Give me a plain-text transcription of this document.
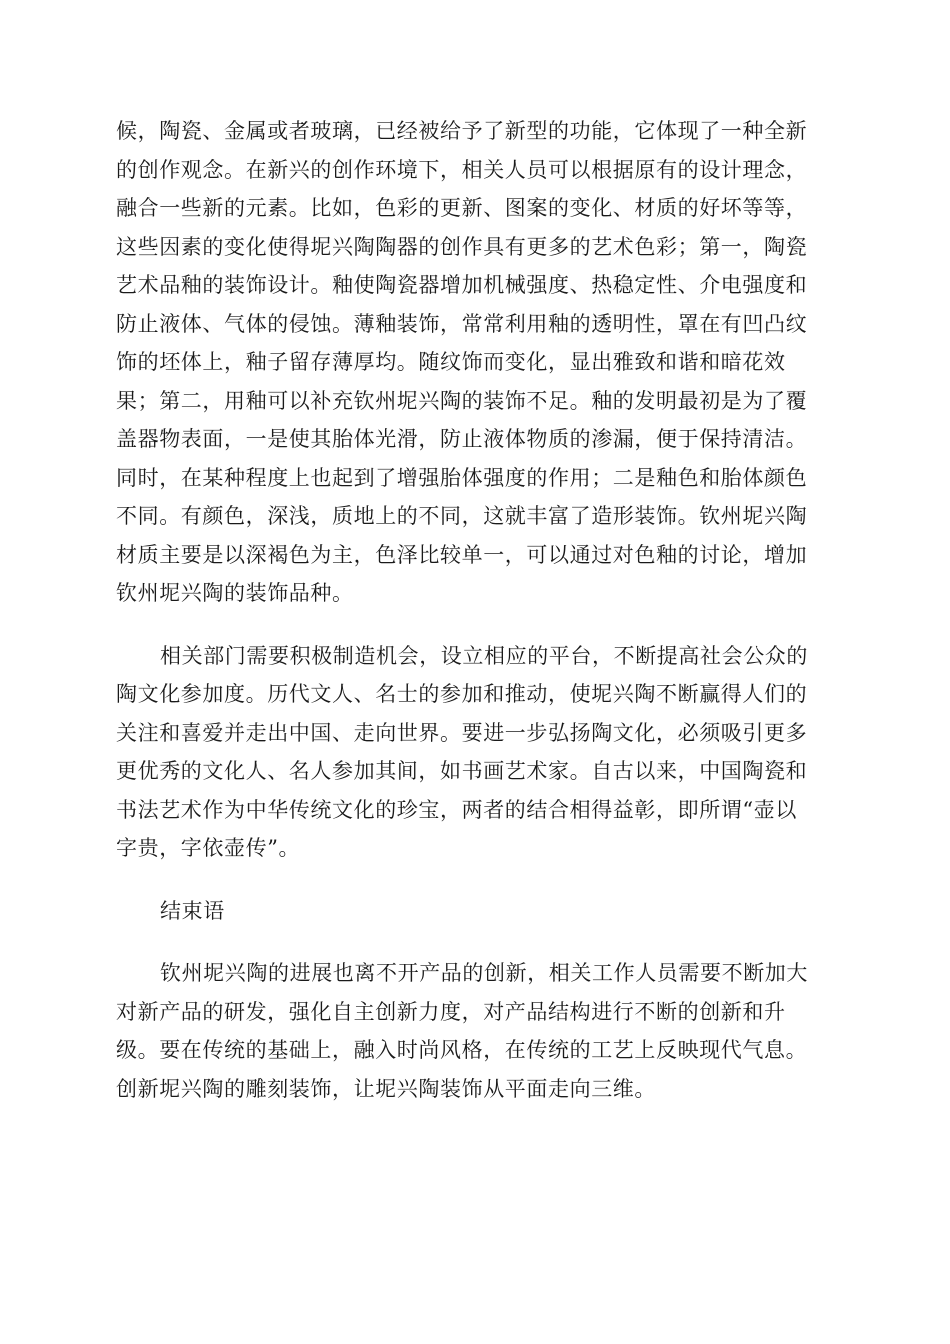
候，陶瓷、金属或者玻璃，已经被给予了新型的功能，它体现了一种全新
的创作观念。在新兴的创作环境下，相关人员可以根据原有的设计理念，
融合一些新的元素。比如，色彩的更新、图案的变化、材质的好坏等等，
这些因素的变化使得坭兴陶陶器的创作具有更多的艺术色彩；第一，陶瓷
艺术品釉的装饰设计。釉使陶瓷器增加机械强度、热稳定性、介电强度和
防止液体、气体的侵蚀。薄釉装饰，常常利用釉的透明性，罩在有凹凸纹
饰的坯体上，釉子留存薄厚均。随纹饰而变化，显出雅致和谐和暗花效
果；第二，用釉可以补充钦州坭兴陶的装饰不足。釉的发明最初是为了覆
盖器物表面，一是使其胎体光滑，防止液体物质的渗漏，便于保持清洁。
同时，在某种程度上也起到了增强胎体强度的作用；二是釉色和胎体颜色
不同。有颜色，深浅，质地上的不同，这就丰富了造形装饰。钦州坭兴陶
材质主要是以深褐色为主，色泽比较单一，可以通过对色釉的讨论，增加
钦州坭兴陶的装饰品种。

相关部门需要积极制造机会，设立相应的平台，不断提高社会公众的
陶文化参加度。历代文人、名士的参加和推动，使坭兴陶不断赢得人们的
关注和喜爱并走出中国、走向世界。要进一步弘扬陶文化，必须吸引更多
更优秀的文化人、名人参加其间，如书画艺术家。自古以来，中国陶瓷和
书法艺术作为中华传统文化的珍宝，两者的结合相得益彰，即所谓“壶以
字贵，字依壶传”。

结束语

钦州坭兴陶的进展也离不开产品的创新，相关工作人员需要不断加大
对新产品的研发，强化自主创新力度，对产品结构进行不断的创新和升
级。要在传统的基础上，融入时尚风格，在传统的工艺上反映现代气息。
创新坭兴陶的雕刻装饰，让坭兴陶装饰从平面走向三维。
